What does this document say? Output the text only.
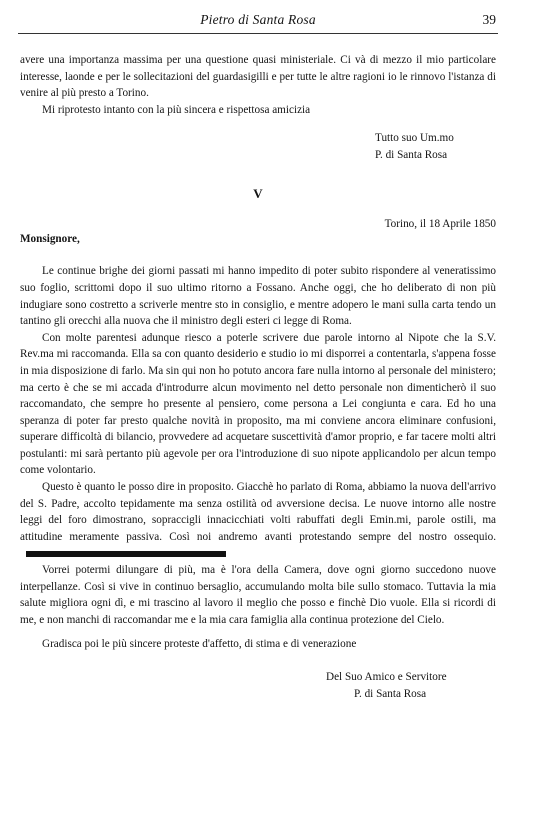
Pietro di Santa Rosa	39

avere una importanza massima per una questione quasi ministeriale. Ci và di mezzo il mio particolare interesse, laonde e per le sollecitazioni del guardasigilli e per tutte le altre ragioni io le rinnovo l'istanza di venire al più presto a Torino.

Mi riprotesto intanto con la più sincera e rispettosa amicizia

Tutto suo Um.mo
P. di Santa Rosa
V
Torino, il 18 Aprile 1850
Monsignore,

Le continue brighe dei giorni passati mi hanno impedito di poter subito rispondere al veneratissimo suo foglio, scrittomi dopo il suo ultimo ritorno a Fossano. Anche oggi, che ho deliberato di non più indugiare sono costretto a scriverle mentre sto in consiglio, e mentre adopero le mani sulla carta tendo un tantino gli orecchi alla nuova che il ministro degli esteri ci legge di Roma.

Con molte parentesi adunque riesco a poterle scrivere due parole intorno al Nipote che la S.V. Rev.ma mi raccomanda. Ella sa con quanto desiderio e studio io mi disporrei a contentarla, s'appena fosse in mia disposizione di farlo. Ma sin qui non ho potuto ancora fare nulla intorno al personale del ministero; ma certo è che se mi accada d'introdurre alcun movimento nel detto personale non dimenticherò il suo raccomandato, che sempre ho presente al pensiero, come persona a Lei congiunta e cara. Ed ho una speranza di poter far presto qualche novità in proposito, ma mi conviene ancora eliminare confusioni, superare difficoltà di bilancio, provvedere ad acquetare suscettività d'amor proprio, e far tacere molti altri postulanti: mi sarà pertanto più agevole per ora l'introduzione di suo nipote applicandolo per alcun tempo come volontario.

Questo è quanto le posso dire in proposito. Giacchè ho parlato di Roma, abbiamo la nuova dell'arrivo del S. Padre, accolto tepidamente ma senza ostilità od avversione decisa. Le nuove intorno alle nostre leggi del foro dimostrano, sopraccigli innacicchiati volti rabuffati degli Emin.mi, parole ostili, ma attitudine meramente passiva. Così noi andremo avanti protestando sempre del nostro ossequio.

Vorrei potermi dilungare di più, ma è l'ora della Camera, dove ogni giorno succedono nuove interpellanze. Così si vive in continuo bersaglio, accumulando molta bile sullo stomaco. Tuttavia la mia salute migliora ogni dì, e mi trascino al lavoro il meglio che posso e finchè Dio vuole. Ella si ricordi di me, e non manchi di raccomandar me e la mia cara famiglia alla continua protezione del Cielo.

Gradisca poi le più sincere proteste d'affetto, di stima e di venerazione

Del Suo Amico e Servitore
P. di Santa Rosa
